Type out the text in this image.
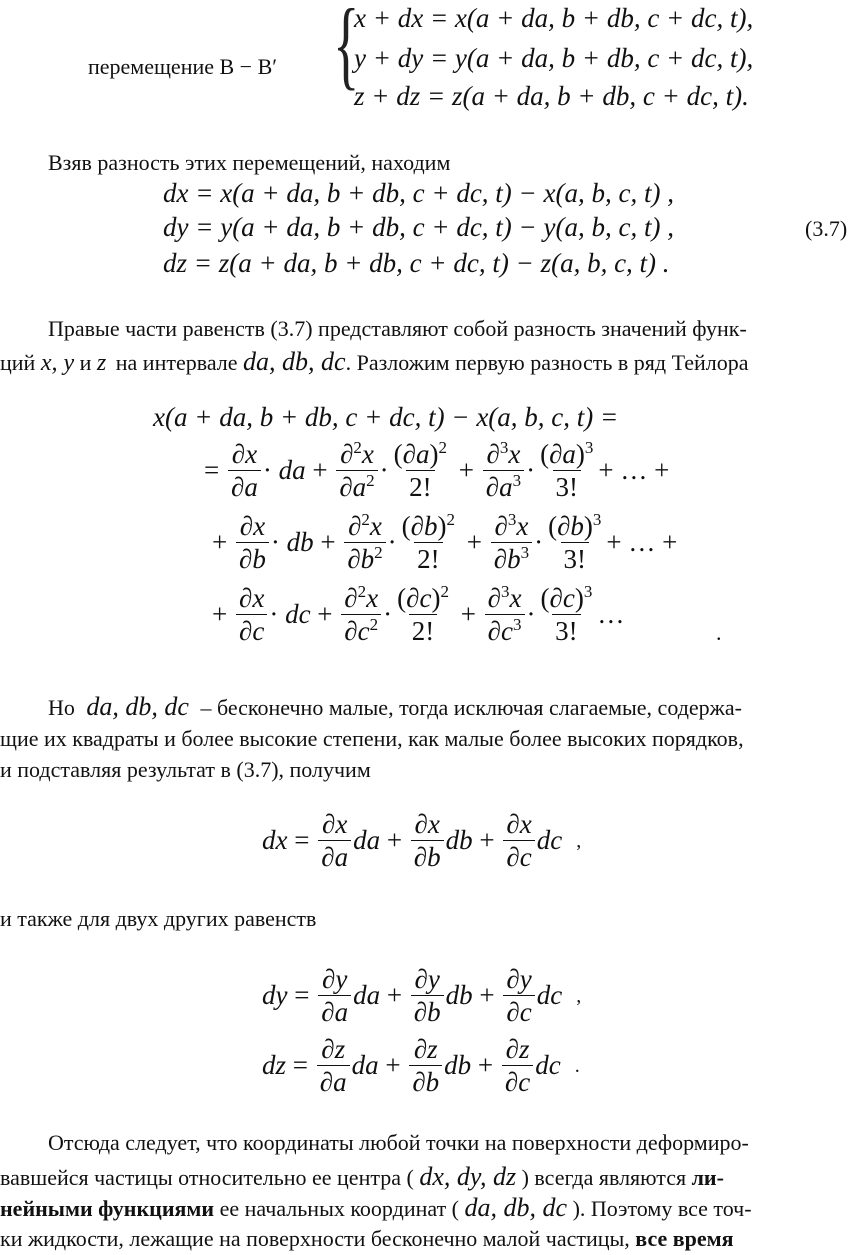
перемещение B − B′ {
x + dx = x(a + da, b + db, c + dc, t),
y + dy = y(a + da, b + db, c + dc, t),
z + dz = z(a + da, b + db, c + dc, t).
Взяв разность этих перемещений, находим
dx = x(a + da, b + db, c + dc, t) − x(a, b, c, t) ,
dy = y(a + da, b + db, c + dc, t) − y(a, b, c, t) ,
dz = z(a + da, b + db, c + dc, t) − z(a, b, c, t) .
(3.7)
Правые части равенств (3.7) представляют собой разность значений функ-
ций x, y и z на интервале da, db, dc. Разложим первую разность в ряд Тейлора
x(a + da, b + db, c + dc, t) − x(a, b, c, t) =
=
$\frac{\partial x}{\partial a}$ ·
da
+
$\frac{\partial^2x}{\partial a^2} \cdot \frac{(\partial a)^2}{2!}$
+
$\frac{\partial^3x}{\partial a^3} \cdot \frac{(\partial a)^3}{3!}$ + … +
+
$\frac{\partial x}{\partial b}$ ·
db
+
$\frac{\partial^2x}{\partial b^2} \cdot \frac{(\partial b)^2}{2!}$
+
$\frac{\partial^3x}{\partial b^3} \cdot \frac{(\partial b)^3}{3!}$ + … +
+
$\frac{\partial x}{\partial c}$ ·
dc
+
$\frac{\partial^2x}{\partial c^2} \cdot \frac{(\partial c)^2}{2!}$
+
$\frac{\partial^3x}{\partial c^3} \cdot \frac{(\partial c)^3}{3!}$ …
.
Но da, db, dc – бесконечно малые, тогда исключая слагаемые, содержа-
щие их квадраты и более высокие степени, как малые более высоких порядков,
и подставляя результат в (3.7), получим
dx
=
$\frac{\partial x}{\partial a}$ da
+
$\frac{\partial x}{\partial b}$ db
+
$\frac{\partial x}{\partial c}$ dc ,
и также для двух других равенств
dy
=
$\frac{\partial y}{\partial a}$ da
+
$\frac{\partial y}{\partial b}$ db
+
$\frac{\partial y}{\partial c}$ dc ,
dz
=
$\frac{\partial z}{\partial a}$ da
+
$\frac{\partial z}{\partial b}$ db
+
$\frac{\partial z}{\partial c}$ dc .
Отсюда следует, что координаты любой точки на поверхности деформиро-
вавшейся частицы относительно ее центра ( dx, dy, dz ) всегда являются ли-
нейными функциями ее начальных координат ( da, db, dc ). Поэтому все точ-
ки жидкости, лежащие на поверхности бесконечно малой частицы, все время
